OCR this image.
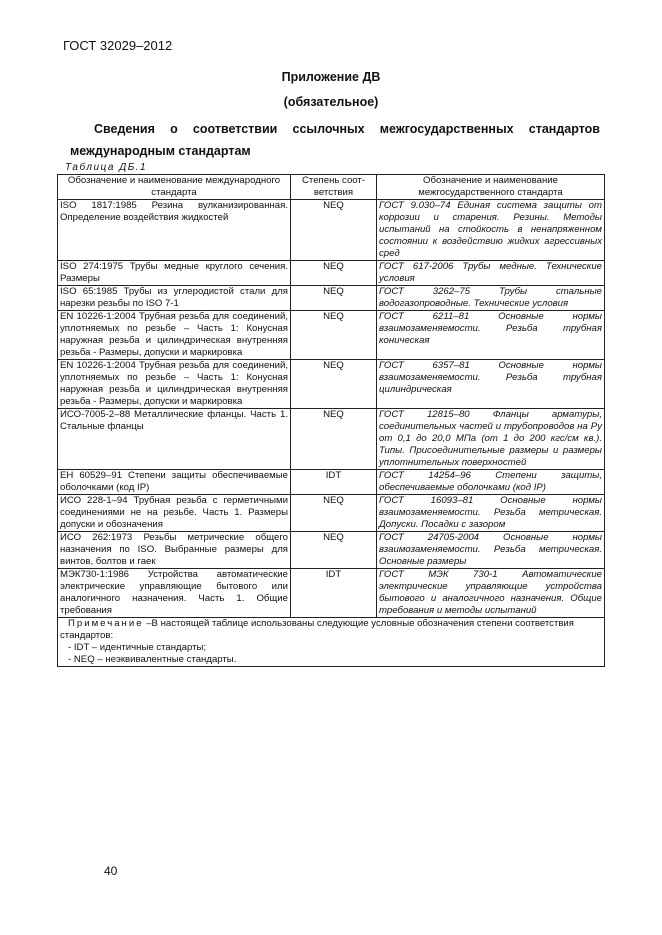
ГОСТ 32029–2012
Приложение ДВ
(обязательное)
Сведения о соответствии ссылочных межгосударственных стандартов международным стандартам
Таблица ДБ.1
Обозначение и наименование международного стандарта	Степень соот-ветствия	Обозначение и наименование межгосударственного стандарта
ISO 1817:1985 Резина вулканизированная. Определение воздействия жидкостей	NEQ	ГОСТ 9.030–74 Единая система защиты от коррозии и старения. Резины. Методы испытаний на стойкость в ненапряженном состоянии к воздействию жидких агрессивных сред
ISO 274:1975 Трубы медные круглого сечения. Размеры	NEQ	ГОСТ 617-2006 Трубы медные. Технические условия
ISO 65:1985 Трубы из углеродистой стали для нарезки резьбы по ISO 7-1	NEQ	ГОСТ 3262–75 Трубы стальные водогазопроводные. Технические условия
EN 10226-1:2004 Трубная резьба для соединений, уплотняемых по резьбе – Часть 1: Конусная наружная резьба и цилиндрическая внутренняя резьба - Размеры, допуски и маркировка	NEQ	ГОСТ 6211–81 Основные нормы взаимозаменяемости. Резьба трубная коническая
EN 10226-1:2004 Трубная резьба для соединений, уплотняемых по резьбе – Часть 1: Конусная наружная резьба и цилиндрическая внутренняя резьба - Размеры, допуски и маркировка	NEQ	ГОСТ 6357–81 Основные нормы взаимозаменяемости. Резьба трубная цилиндрическая
ИСО-7005-2–88 Металлические фланцы. Часть 1. Стальные фланцы	NEQ	ГОСТ 12815–80 Фланцы арматуры, соединительных частей и трубопроводов на Ру от 0,1 до 20,0 МПа (от 1 до 200 кгс/см кв.). Типы. Присоединительные размеры и размеры уплотнительных поверхностей
ЕН 60529–91 Степени защиты обеспечиваемые оболочками (код IP)	IDT	ГОСТ 14254–96 Степени защиты, обеспечиваемые оболочками (код IP)
ИСО 228-1–94 Трубная резьба с герметичными соединениями не на резьбе. Часть 1. Размеры допуски и обозначения	NEQ	ГОСТ 16093–81 Основные нормы взаимозаменяемости. Резьба метрическая. Допуски. Посадки с зазором
ИСО 262:1973 Резьбы метрические общего назначения по ISO. Выбранные размеры для винтов, болтов и гаек	NEQ	ГОСТ 24705-2004 Основные нормы взаимозаменяемости. Резьба метрическая. Основные размеры
МЭК730-1:1986 Устройства автоматические электрические управляющие бытового или аналогичного назначения. Часть 1. Общие требования	IDT	ГОСТ МЭК 730-1 Автоматические электрические управляющие устройства бытового и аналогичного назначения. Общие требования и методы испытаний
Примечание –В настоящей таблице использованы следующие условные обозначения степени соответствия стандартов:
- IDT – идентичные стандарты;
- NEQ – неэквивалентные стандарты.		
40
